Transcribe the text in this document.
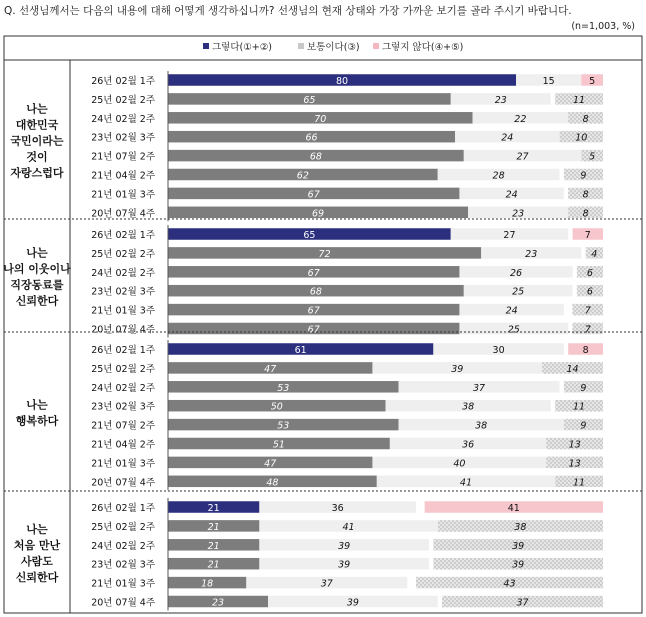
Q. 선생님께서는 다음의 내용에 대해 어떻게 생각하십니까? 선생님의 현재 상태와 가장 가까운 보기를 골라 주시기 바랍니다.
(n=1,003, %)
그렇다(①+②)	보통이다(③) 그렇지 않다(④+⑤)
나는
대한민국
국민이라는
것이
자랑스럽다
26년 02월 1주	80	15	5
25년 02월 2주	65	23	11
24년 02월 2주	70	22	8
23년 02월 3주	66	24	10
21년 07월 2주	68	27	5
21년 04월 2주	62	28	9
21년 01월 3주	67	24	8
20년 07월 4주	69	23	8
나는
나의 이웃이나
직장동료를
신뢰한다
26년 02월 1주	65	27	7
25년 02월 2주	72	23	4
24년 02월 2주	67	26	6
23년 02월 3주	68	25	6
21년 01월 3주	67	24	7
20년 07월 4주	67	25	7
나는
행복하다
26년 02월 1주	61	30	8
25년 02월 2주	47	39	14
24년 02월 2주	53	37	9
23년 02월 3주	50	38	11
21년 07월 2주	53	38	9
21년 04월 2주	51	36	13
21년 01월 3주	47	40	13
20년 07월 4주	48	41	11
나는
처음 만난
사람도
신뢰한다
26년 02월 1주	21	36	41
25년 02월 2주	21	41	38
24년 02월 2주	21	39	39
23년 02월 3주	21	39	39
21년 01월 3주	18	37	43
20년 07월 4주	23	39	37
